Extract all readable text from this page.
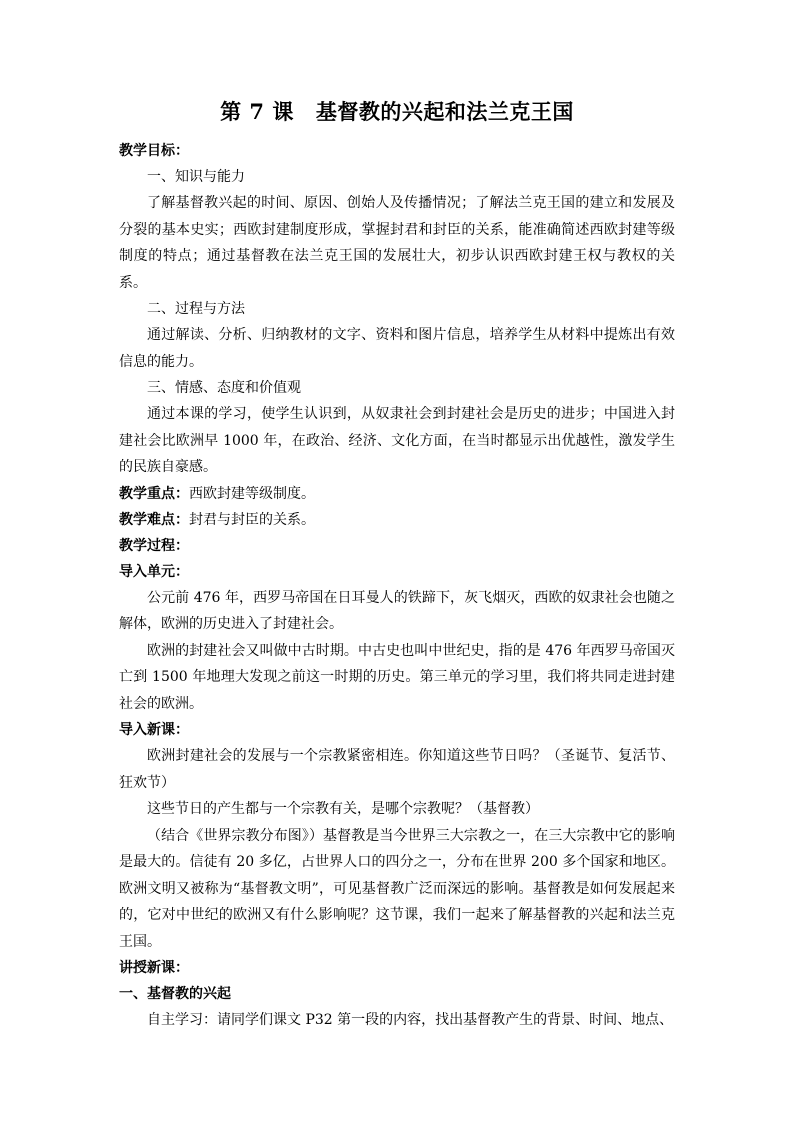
第 7 课 基督教的兴起和法兰克王国

教学目标：

一、知识与能力

了解基督教兴起的时间、原因、创始人及传播情况；了解法兰克王国的建立和发展及分裂的基本史实；西欧封建制度形成，掌握封君和封臣的关系，能准确简述西欧封建等级制度的特点；通过基督教在法兰克王国的发展壮大，初步认识西欧封建王权与教权的关系。

二、过程与方法

通过解读、分析、归纳教材的文字、资料和图片信息，培养学生从材料中提炼出有效信息的能力。

三、情感、态度和价值观

通过本课的学习，使学生认识到，从奴隶社会到封建社会是历史的进步；中国进入封建社会比欧洲早 1000 年，在政治、经济、文化方面，在当时都显示出优越性，激发学生的民族自豪感。

教学重点：西欧封建等级制度。

教学难点：封君与封臣的关系。

教学过程：

导入单元：

公元前 476 年，西罗马帝国在日耳曼人的铁蹄下，灰飞烟灭，西欧的奴隶社会也随之解体，欧洲的历史进入了封建社会。

欧洲的封建社会又叫做中古时期。中古史也叫中世纪史，指的是 476 年西罗马帝国灭亡到 1500 年地理大发现之前这一时期的历史。第三单元的学习里，我们将共同走进封建社会的欧洲。

导入新课：

欧洲封建社会的发展与一个宗教紧密相连。你知道这些节日吗？（圣诞节、复活节、狂欢节）

这些节日的产生都与一个宗教有关，是哪个宗教呢？（基督教）

（结合《世界宗教分布图》）基督教是当今世界三大宗教之一，在三大宗教中它的影响是最大的。信徒有 20 多亿，占世界人口的四分之一，分布在世界 200 多个国家和地区。欧洲文明又被称为“基督教文明”，可见基督教广泛而深远的影响。基督教是如何发展起来的，它对中世纪的欧洲又有什么影响呢？这节课，我们一起来了解基督教的兴起和法兰克王国。

讲授新课：

一、基督教的兴起

自主学习：请同学们课文 P32 第一段的内容，找出基督教产生的背景、时间、地点、
